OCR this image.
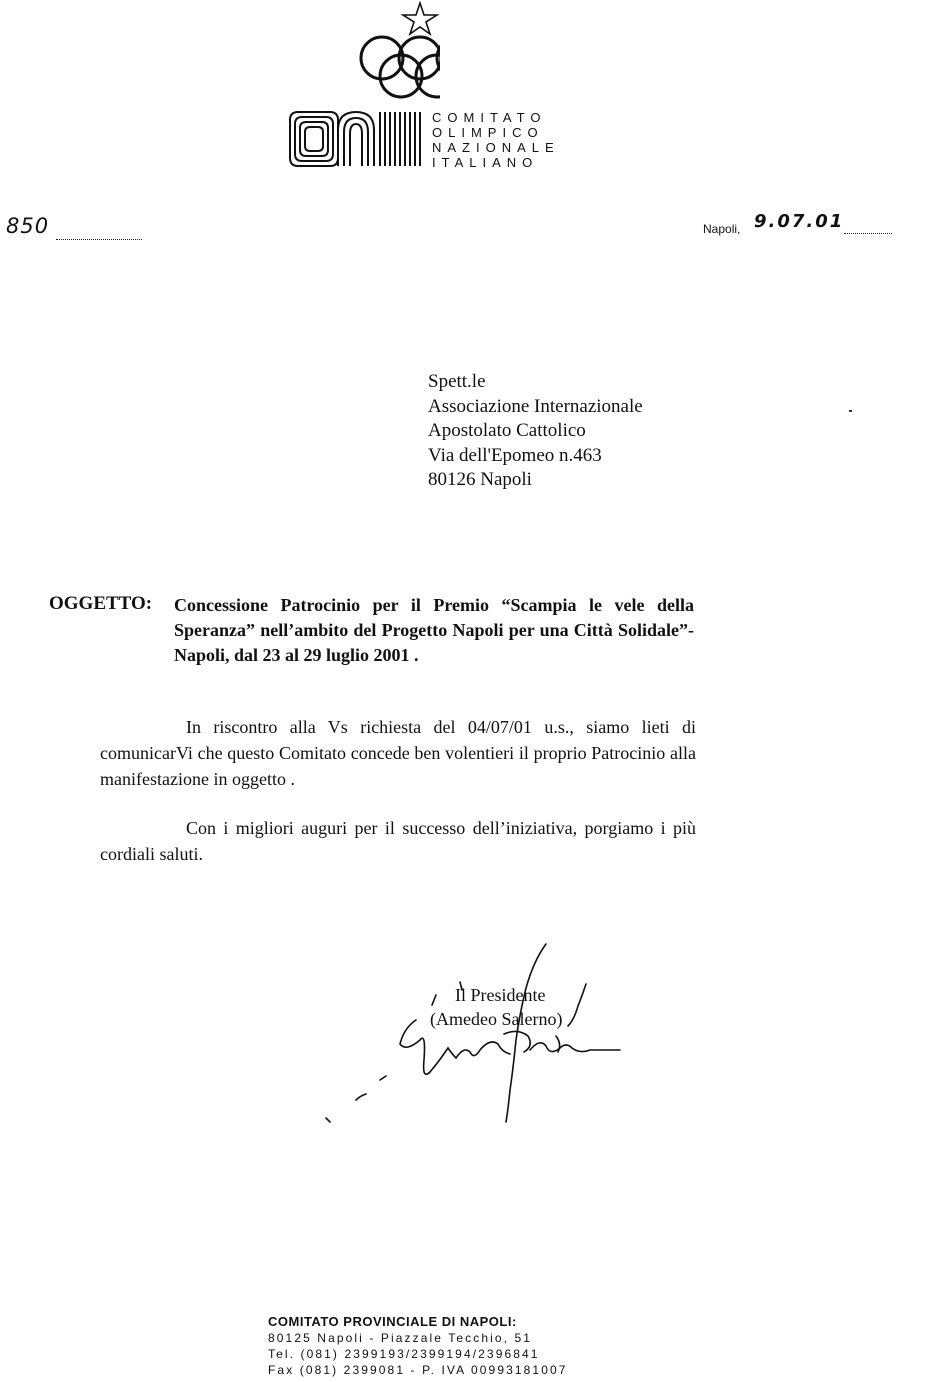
COMITATO
OLIMPICO
NAZIONALE
ITALIANO
850	Napoli, 9.07.01
Spett.le
Associazione Internazionale
Apostolato Cattolico
Via dell'Epomeo n.463
80126 Napoli
OGGETTO: Concessione Patrocinio per il Premio “Scampia le vele della Speranza” nell’ambito del Progetto Napoli per una Città Solidale”- Napoli, dal 23 al 29 luglio 2001 .
In riscontro alla Vs richiesta del 04/07/01 u.s., siamo lieti di comunicarVi che questo Comitato concede ben volentieri il proprio Patrocinio alla manifestazione in oggetto .
Con i migliori auguri per il successo dell’iniziativa, porgiamo i più cordiali saluti.
Il Presidente
(Amedeo Salerno)
COMITATO PROVINCIALE DI NAPOLI:
80125 Napoli - Piazzale Tecchio, 51
Tel. (081) 2399193/2399194/2396841
Fax (081) 2399081 - P. IVA 00993181007
